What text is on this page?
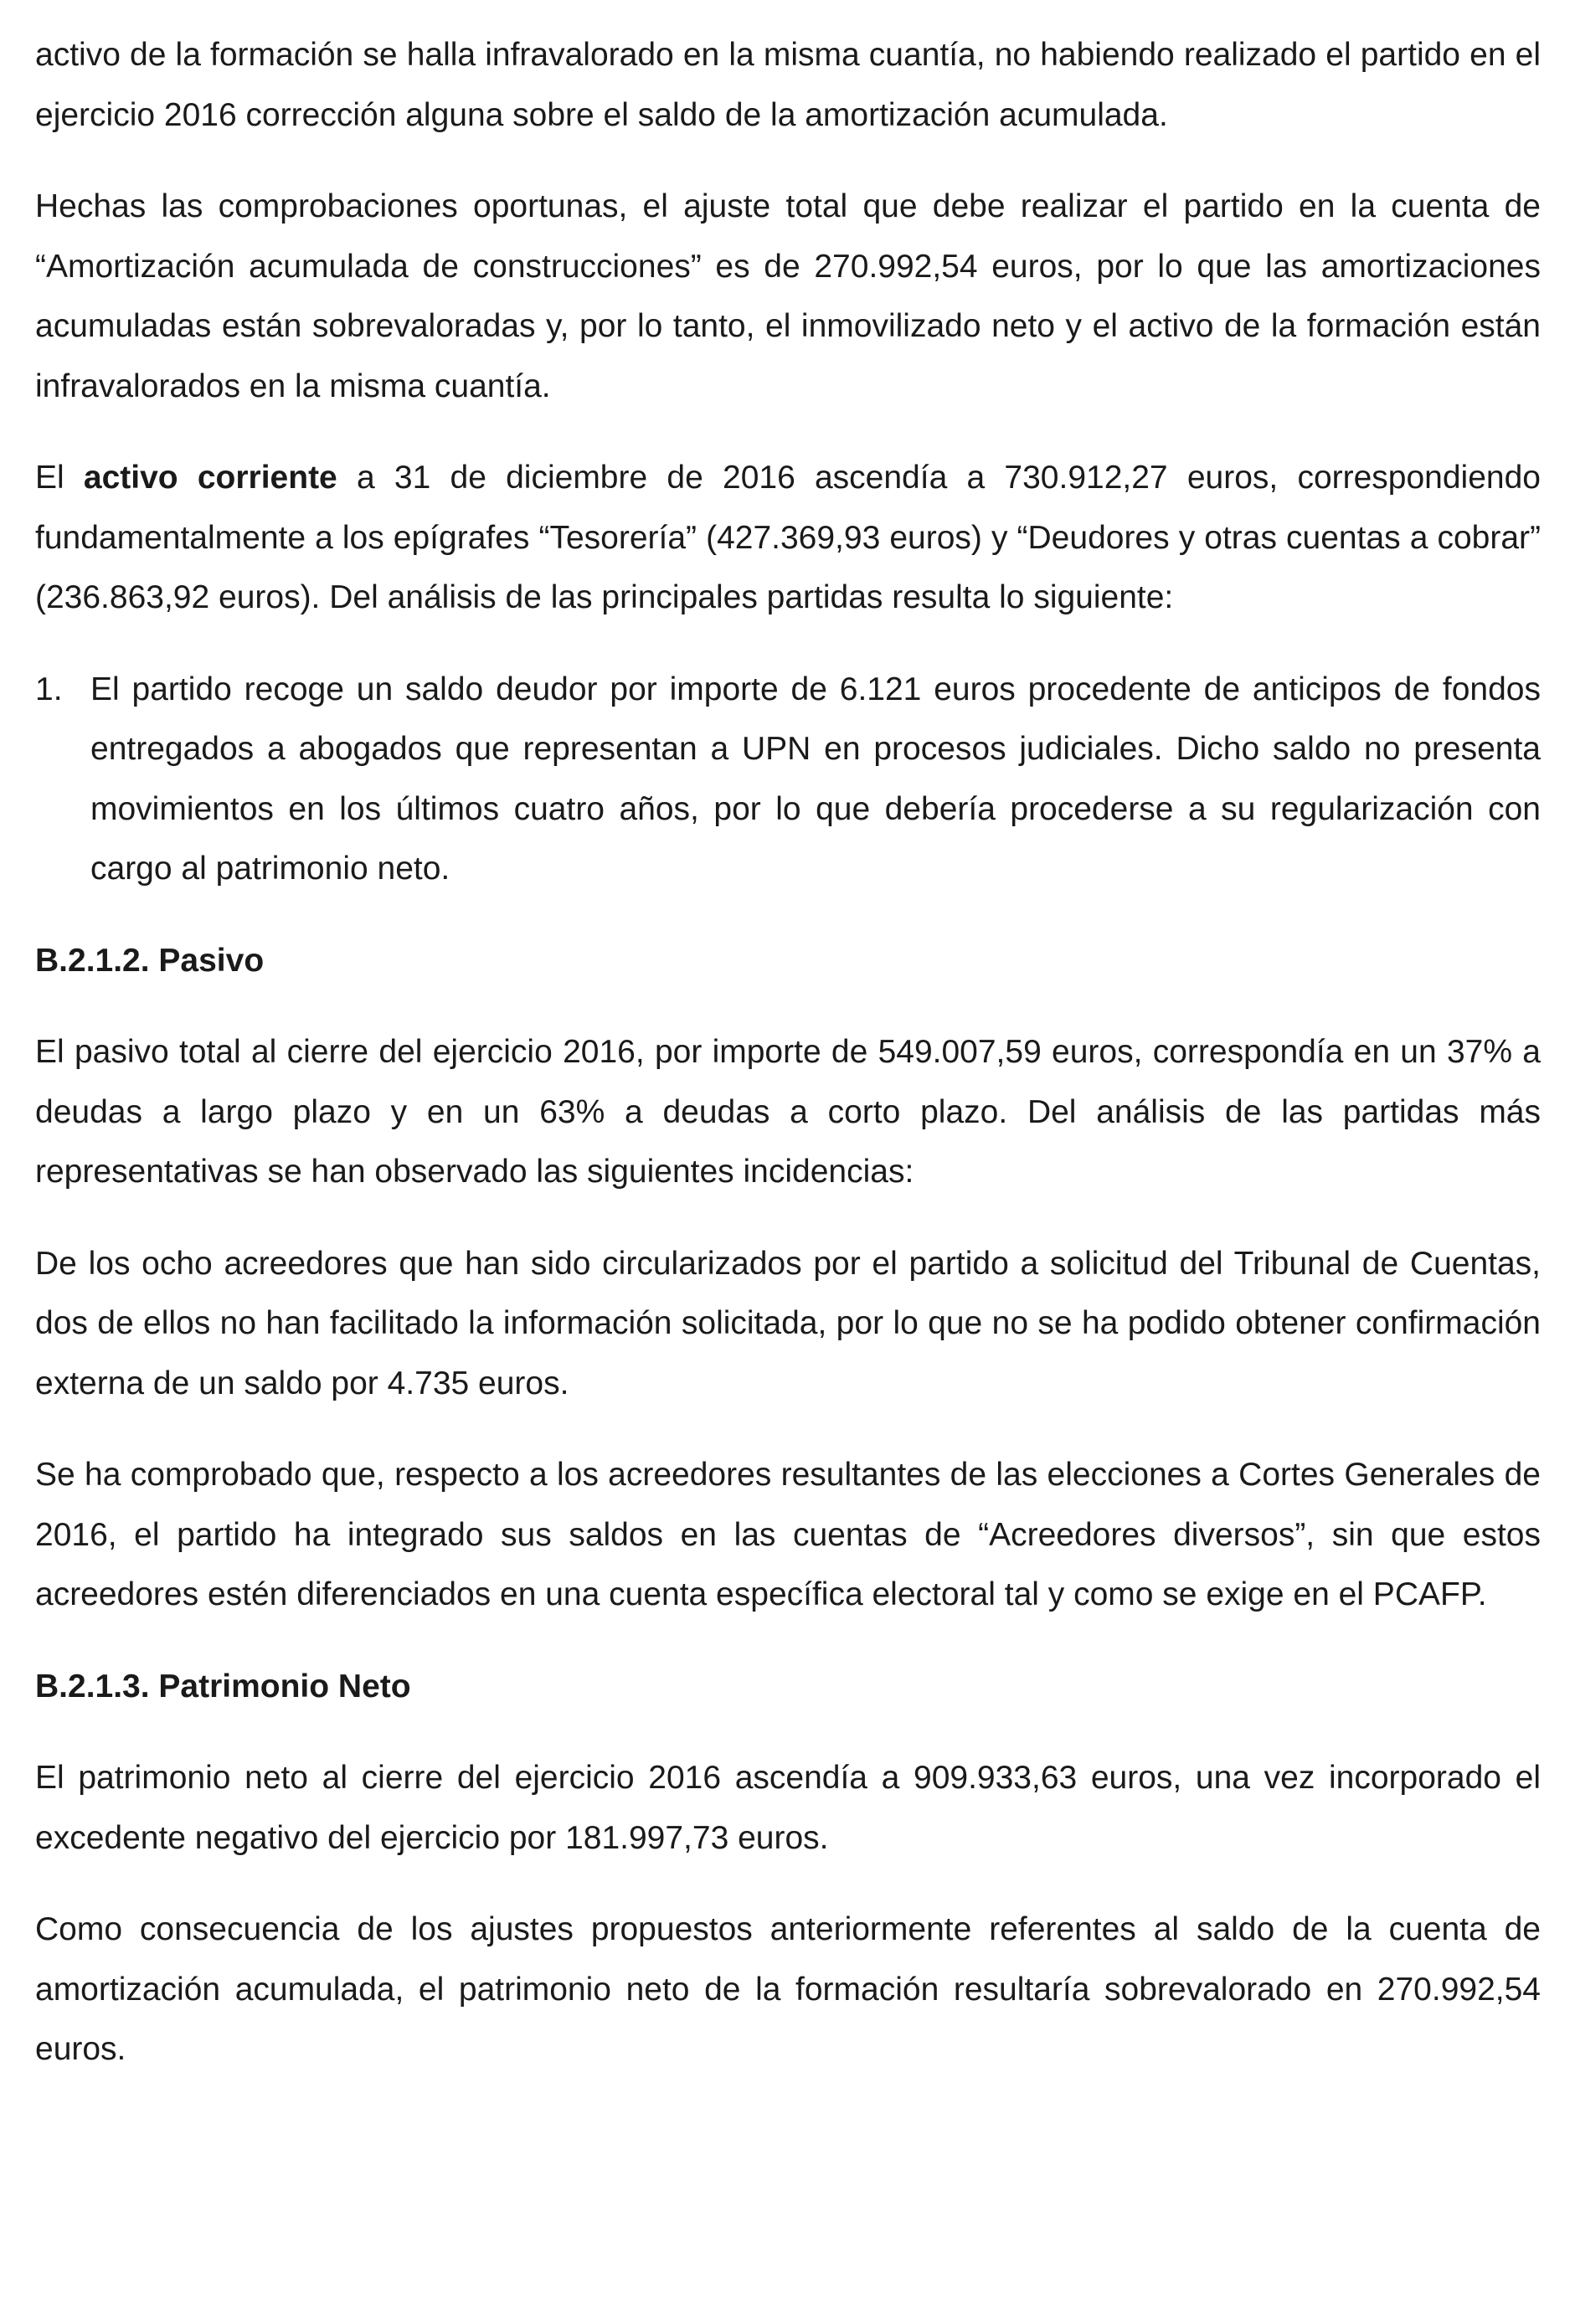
activo de la formación se halla infravalorado en la misma cuantía, no habiendo realizado el partido en el ejercicio 2016 corrección alguna sobre el saldo de la amortización acumulada.

Hechas las comprobaciones oportunas, el ajuste total que debe realizar el partido en la cuenta de “Amortización acumulada de construcciones” es de 270.992,54 euros, por lo que las amortizaciones acumuladas están sobrevaloradas y, por lo tanto, el inmovilizado neto y el activo de la formación están infravalorados en la misma cuantía.

El activo corriente a 31 de diciembre de 2016 ascendía a 730.912,27 euros, correspondiendo fundamentalmente a los epígrafes “Tesorería” (427.369,93 euros) y “Deudores y otras cuentas a cobrar” (236.863,92 euros). Del análisis de las principales partidas resulta lo siguiente:

1. El partido recoge un saldo deudor por importe de 6.121 euros procedente de anticipos de fondos entregados a abogados que representan a UPN en procesos judiciales. Dicho saldo no presenta movimientos en los últimos cuatro años, por lo que debería procederse a su regularización con cargo al patrimonio neto.
B.2.1.2. Pasivo

El pasivo total al cierre del ejercicio 2016, por importe de 549.007,59 euros, correspondía en un 37% a deudas a largo plazo y en un 63% a deudas a corto plazo. Del análisis de las partidas más representativas se han observado las siguientes incidencias:

De los ocho acreedores que han sido circularizados por el partido a solicitud del Tribunal de Cuentas, dos de ellos no han facilitado la información solicitada, por lo que no se ha podido obtener confirmación externa de un saldo por 4.735 euros.

Se ha comprobado que, respecto a los acreedores resultantes de las elecciones a Cortes Generales de 2016, el partido ha integrado sus saldos en las cuentas de “Acreedores diversos”, sin que estos acreedores estén diferenciados en una cuenta específica electoral tal y como se exige en el PCAFP.

B.2.1.3. Patrimonio Neto

El patrimonio neto al cierre del ejercicio 2016 ascendía a 909.933,63 euros, una vez incorporado el excedente negativo del ejercicio por 181.997,73 euros.

Como consecuencia de los ajustes propuestos anteriormente referentes al saldo de la cuenta de amortización acumulada, el patrimonio neto de la formación resultaría sobrevalorado en 270.992,54 euros.
